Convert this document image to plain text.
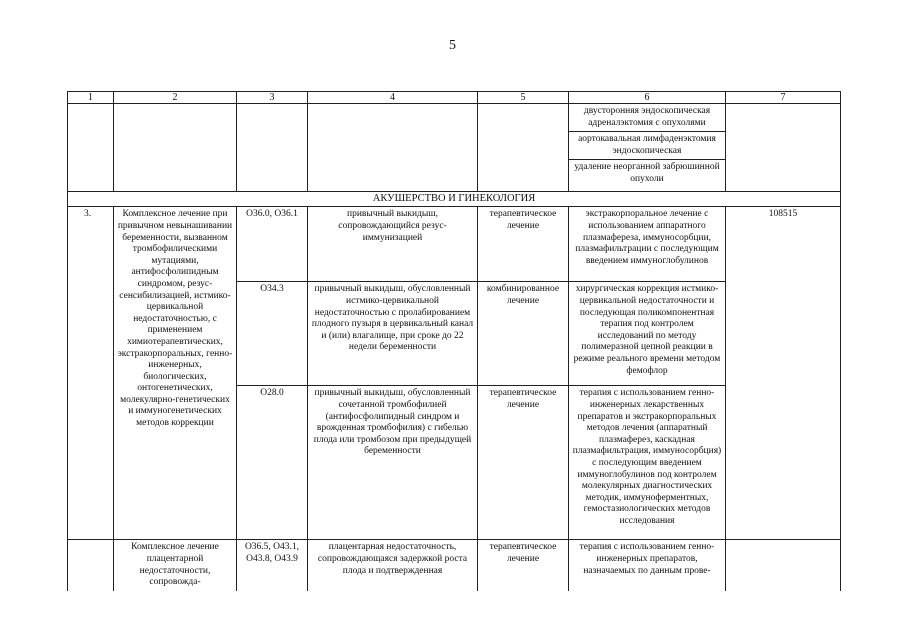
5
1	2	3	4	5	6	7
					двусторонняя эндоскопическая адреналэктомия с опухолями	
					аортокавальная лимфаденэктомия эндоскопическая	
					удаление неорганной забрюшинной опухоли	
АКУШЕРСТВО И ГИНЕКОЛОГИЯ						
3.	Комплексное лечение при привычном невынашивании беременности, вызванном тромбофилическими мутациями, антифосфолипидным синдромом, резус-сенсибилизацией, истмико-цервикальной недостаточностью, с применением химиотерапевтических, экстракорпоральных, генно-инженерных, биологических, онтогенетических, молекулярно-генетических и иммуногенетических методов коррекции	O36.0, O36.1	привычный выкидыш, сопровождающийся резус-иммунизацией	терапевтическое лечение	экстракорпоральное лечение с использованием аппаратного плазмафереза, иммуносорбции, плазмафильтрации с последующим введением иммуноглобулинов	108515
		O34.3	привычный выкидыш, обусловленный истмико-цервикальной недостаточностью с пролабированием плодного пузыря в цервикальный канал и (или) влагалище, при сроке до 22 недели беременности	комбинированное лечение	хирургическая коррекция истмико-цервикальной недостаточности и последующая поликомпонентная терапия под контролем исследований по методу полимеразной цепной реакции в режиме реального времени методом фемофлор	
		O28.0	привычный выкидыш, обусловленный сочетанной тромбофилией (антифосфолипидный синдром и врожденная тромбофилия) с гибелью плода или тромбозом при предыдущей беременности	терапевтическое лечение	терапия с использованием генно-инженерных лекарственных препаратов и экстракорпоральных методов лечения (аппаратный плазмаферез, каскадная плазмафильтрация, иммуносорбция) с последующим введением иммуноглобулинов под контролем молекулярных диагностических методик, иммуноферментных, гемостазиологических методов исследования	
	Комплексное лечение плацентарной недостаточности, сопровожда-	O36.5, O43.1, O43.8, O43.9	плацентарная недостаточность, сопровождающаяся задержкой роста плода и подтвержденная	терапевтическое лечение	терапия с использованием генно-инженерных препаратов, назначаемых по данным прове-	
